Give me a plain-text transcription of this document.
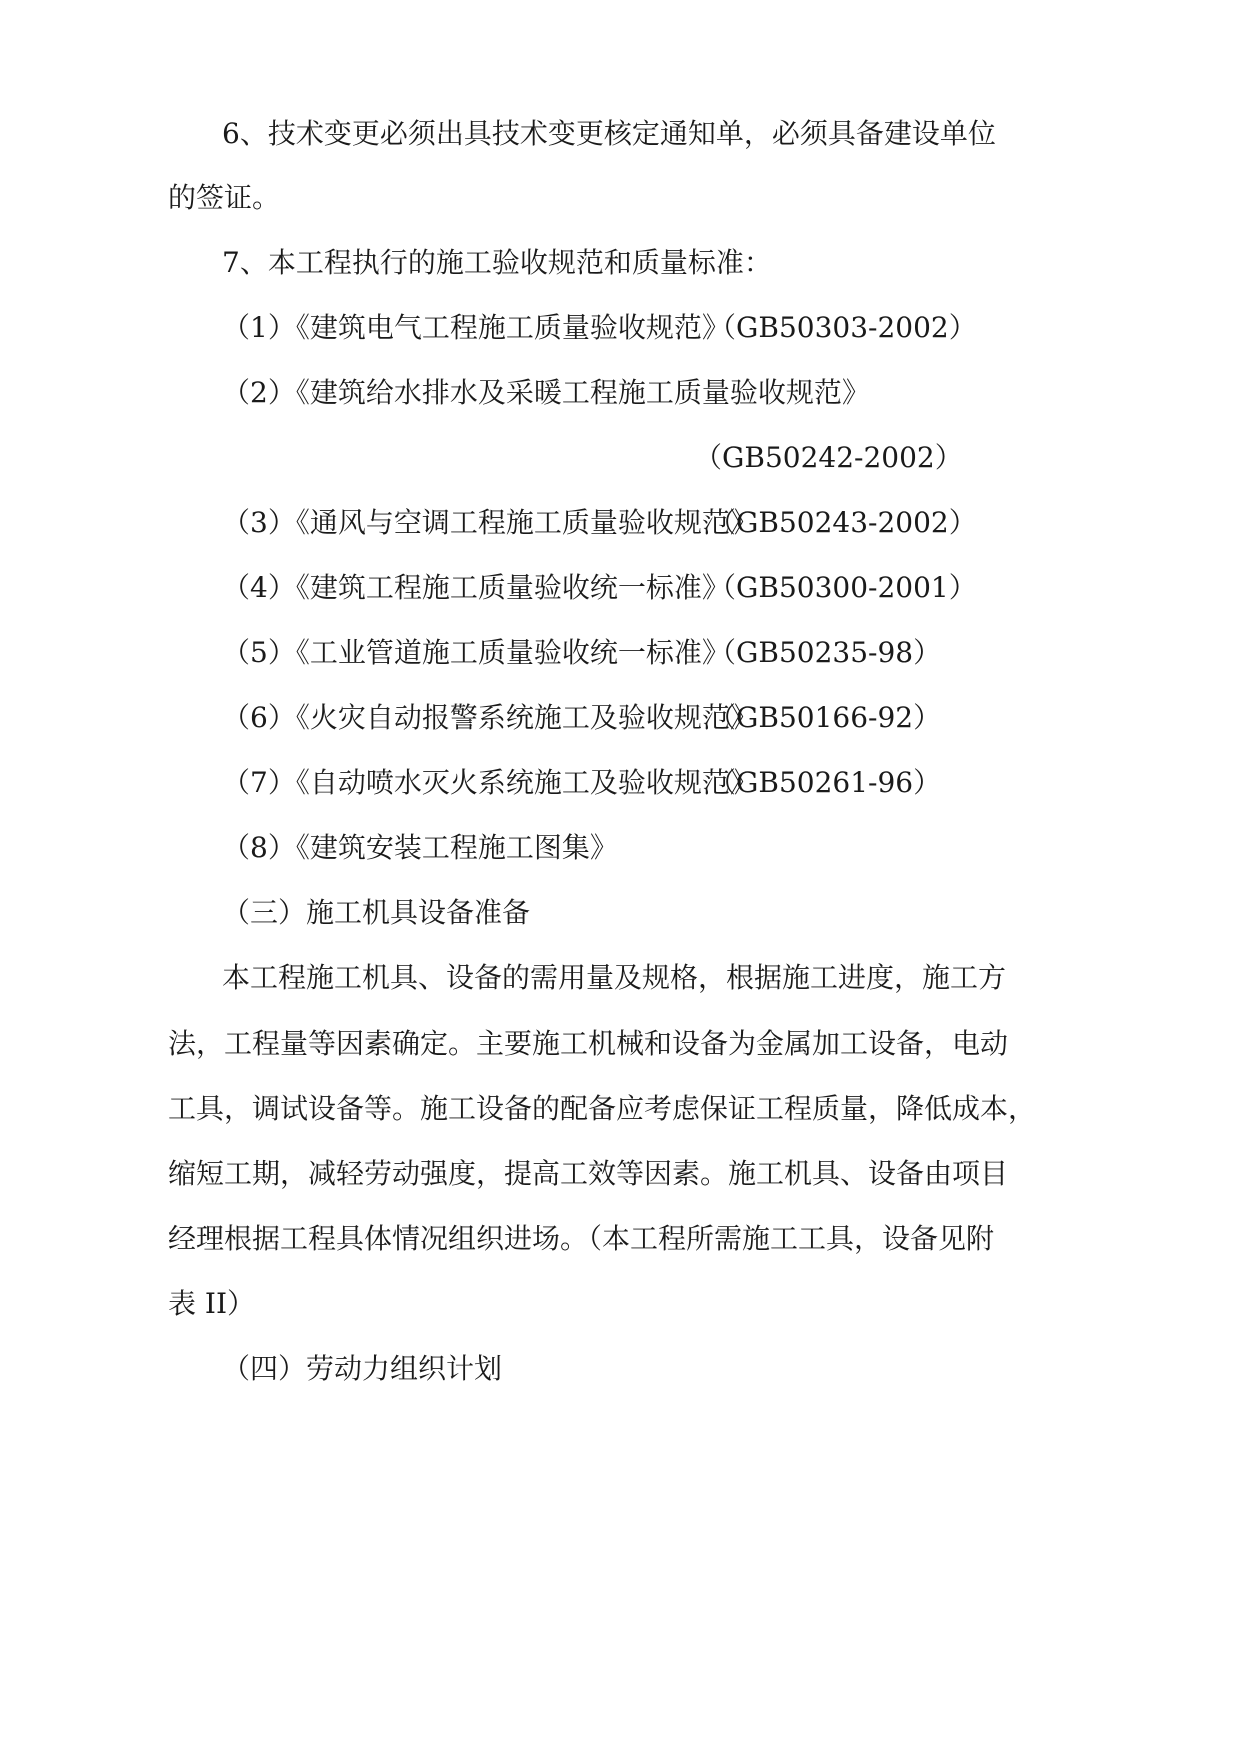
6、技术变更必须出具技术变更核定通知单，必须具备建设单位
的签证。
7、本工程执行的施工验收规范和质量标准：
（1）《建筑电气工程施工质量验收规范》
（GB50303-2002）
（2）《建筑给水排水及采暖工程施工质量验收规范》
（GB50242-2002）
（3）《通风与空调工程施工质量验收规范》
（GB50243-2002）
（4）《建筑工程施工质量验收统一标准》
（GB50300-2001）
（5）《工业管道施工质量验收统一标准》
（GB50235-98）
（6）《火灾自动报警系统施工及验收规范》
（GB50166-92）
（7）《自动喷水灭火系统施工及验收规范》
（GB50261-96）
（8）《建筑安装工程施工图集》
（三）施工机具设备准备
本工程施工机具、设备的需用量及规格，根据施工进度，施工方
法，工程量等因素确定。主要施工机械和设备为金属加工设备，电动
工具，调试设备等。施工设备的配备应考虑保证工程质量，降低成本，
缩短工期，减轻劳动强度，提高工效等因素。施工机具、设备由项目
经理根据工程具体情况组织进场。（本工程所需施工工具，设备见附
表 II）
（四）劳动力组织计划
